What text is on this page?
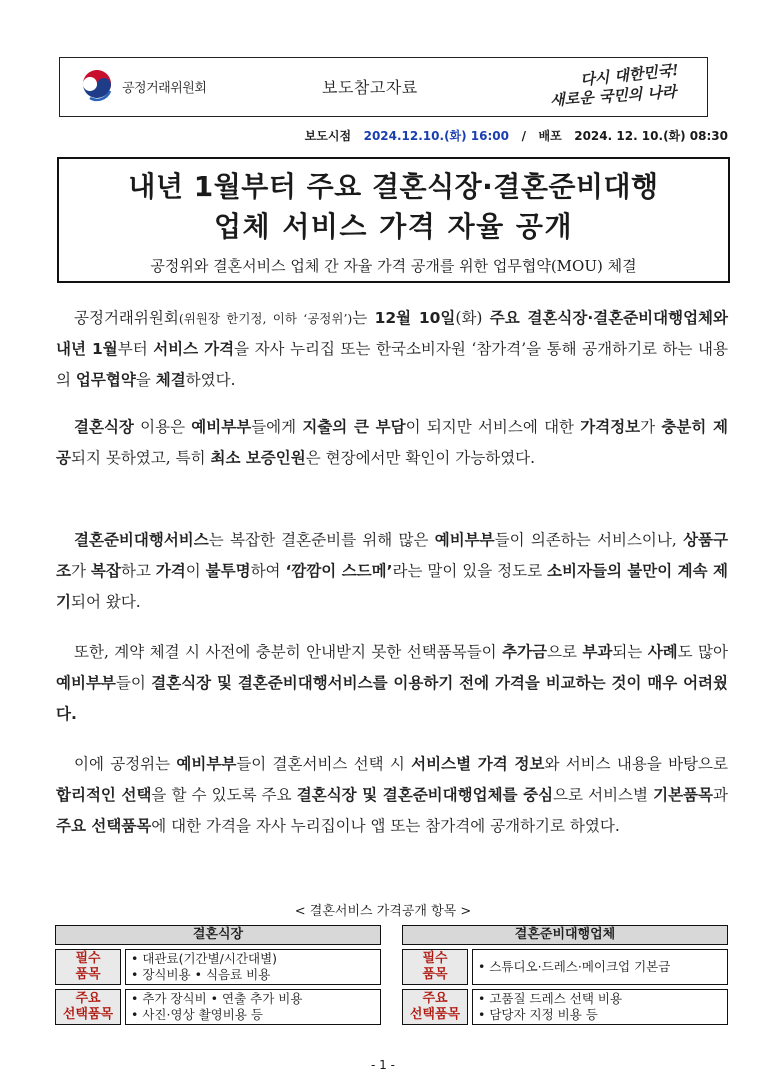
공정거래위원회	보도참고자료	다시 대한민국!
새로운 국민의 나라
보도시점 2024.12.10.(화) 16:00 / 배포 2024. 12. 10.(화) 08:30
내년 1월부터 주요 결혼식장·결혼준비대행
업체 서비스 가격 자율 공개
공정위와 결혼서비스 업체 간 자율 가격 공개를 위한 업무협약(MOU) 체결
공정거래위원회(위원장 한기정, 이하 ‘공정위’)는 12월 10일(화) 주요 결혼식장·결혼준비대행업체와 내년 1월부터 서비스 가격을 자사 누리집 또는 한국소비자원 ‘참가격’을 통해 공개하기로 하는 내용의 업무협약을 체결하였다.
결혼식장 이용은 예비부부들에게 지출의 큰 부담이 되지만 서비스에 대한 가격정보가 충분히 제공되지 못하였고, 특히 최소 보증인원은 현장에서만 확인이 가능하였다.
결혼준비대행서비스는 복잡한 결혼준비를 위해 많은 예비부부들이 의존하는 서비스이나, 상품구조가 복잡하고 가격이 불투명하여 ‘깜깜이 스드메’라는 말이 있을 정도로 소비자들의 불만이 계속 제기되어 왔다.
또한, 계약 체결 시 사전에 충분히 안내받지 못한 선택품목들이 추가금으로 부과되는 사례도 많아 예비부부들이 결혼식장 및 결혼준비대행서비스를 이용하기 전에 가격을 비교하는 것이 매우 어려웠다.
이에 공정위는 예비부부들이 결혼서비스 선택 시 서비스별 가격 정보와 서비스 내용을 바탕으로 합리적인 선택을 할 수 있도록 주요 결혼식장 및 결혼준비대행업체를 중심으로 서비스별 기본품목과 주요 선택품목에 대한 가격을 자사 누리집이나 앱 또는 참가격에 공개하기로 하였다.
< 결혼서비스 가격공개 항목 >
결혼식장
필수
품목
• 대관료(기간별/시간대별)
• 장식비용 • 식음료 비용
주요
선택품목
• 추가 장식비 • 연출 추가 비용
• 사진·영상 촬영비용 등
결혼준비대행업체
필수
품목
• 스튜디오·드레스·메이크업 기본금
주요
선택품목
• 고품질 드레스 선택 비용
• 담당자 지정 비용 등
- 1 -
